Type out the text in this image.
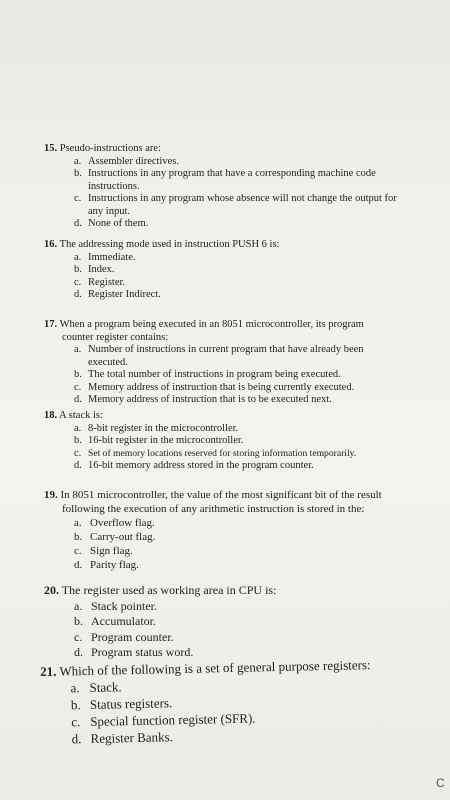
15. Pseudo-instructions are:
a. Assembler directives.
b. Instructions in any program that have a corresponding machine code instructions.
c. Instructions in any program whose absence will not change the output for any input.
d. None of them.
16. The addressing mode used in instruction PUSH 6 is:
a. Immediate.
b. Index.
c. Register.
d. Register Indirect.
17. When a program being executed in an 8051 microcontroller, its program counter register contains:
a. Number of instructions in current program that have already been executed.
b. The total number of instructions in program being executed.
c. Memory address of instruction that is being currently executed.
d. Memory address of instruction that is to be executed next.
18. A stack is:
a. 8-bit register in the microcontroller.
b. 16-bit register in the microcontroller.
c. Set of memory locations reserved for storing information temporarily.
d. 16-bit memory address stored in the program counter.
19. In 8051 microcontroller, the value of the most significant bit of the result following the execution of any arithmetic instruction is stored in the:
a. Overflow flag.
b. Carry-out flag.
c. Sign flag.
d. Parity flag.
20. The register used as working area in CPU is:
a. Stack pointer.
b. Accumulator.
c. Program counter.
d. Program status word.
21. Which of the following is a set of general purpose registers:
a. Stack.
b. Status registers.
c. Special function register (SFR).
d. Register Banks.
C
